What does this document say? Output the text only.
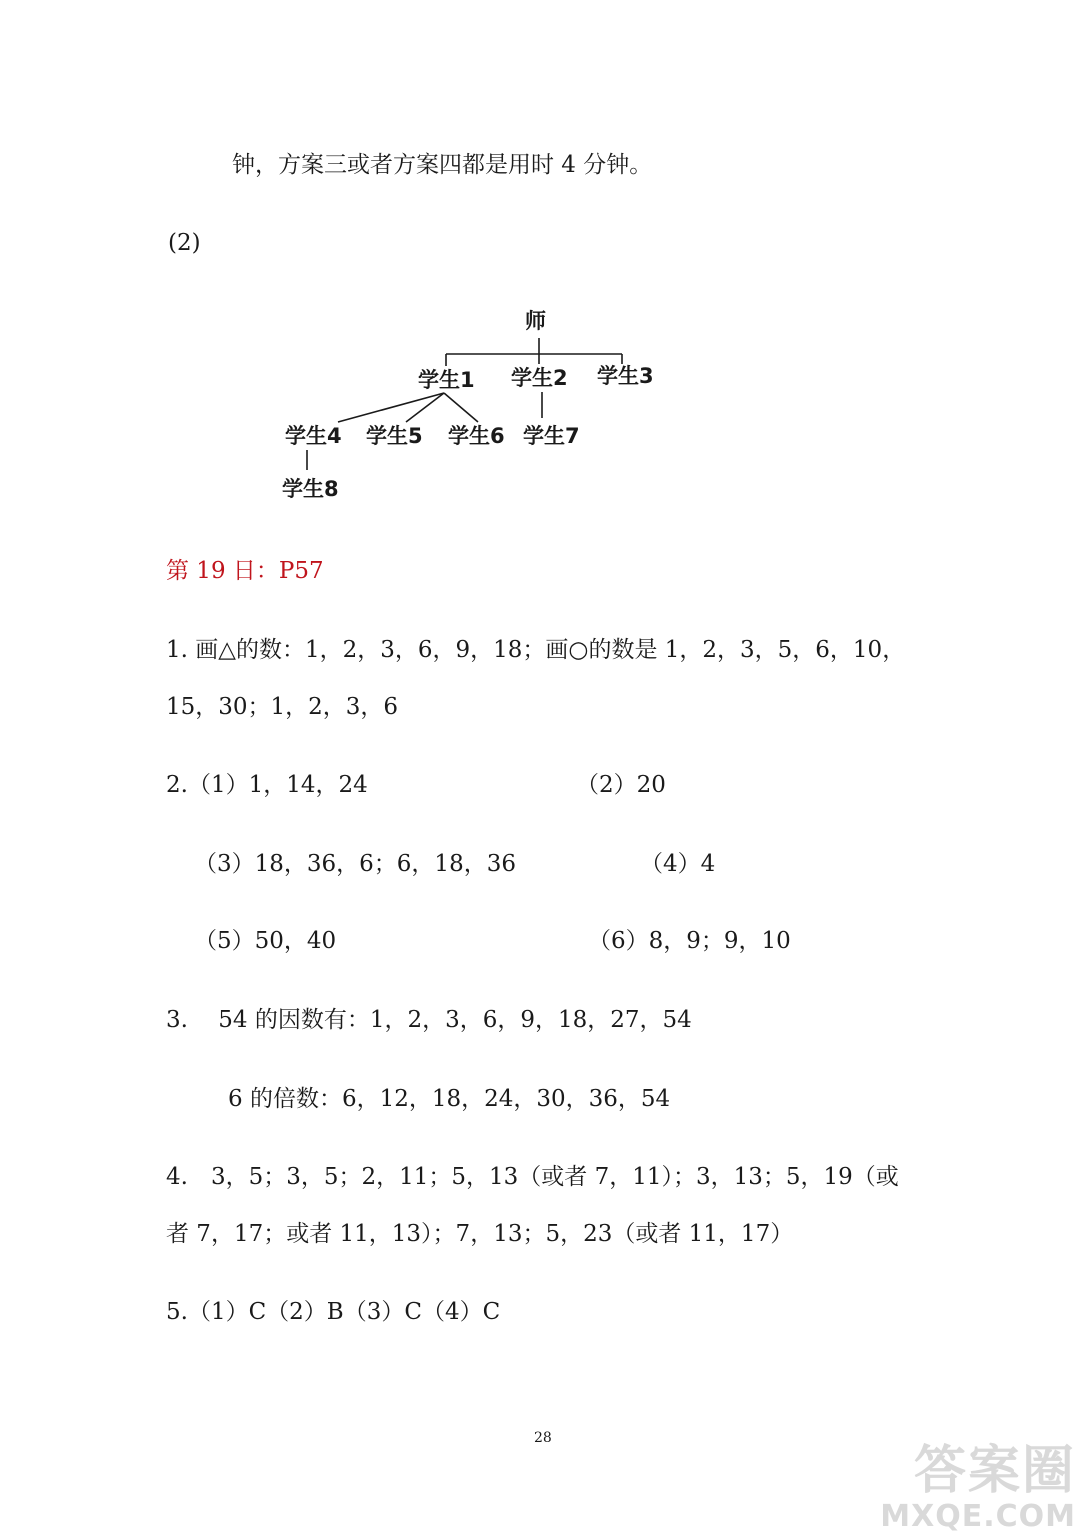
钟，方案三或者方案四都是用时 4 分钟。
(2)
师
学生1 学生2 学生3
学生4 学生5 学生6 学生7
学生8
第 19 日：P57
1. 画△的数：1，2，3，6，9，18；画○的数是 1，2，3，5，6，10，
15，30；1，2，3，6
2.（1）1，14，24	（2）20
（3）18，36，6；6，18，36	（4）4
（5）50，40	（6）8，9；9，10
3.　 54 的因数有：1，2，3，6，9，18，27，54
6 的倍数：6，12，18，24，30，36，54
4.　3，5；3，5；2，11；5，13（或者 7，11）；3，13；5，19（或
者 7，17；或者 11，13）；7，13；5，23（或者 11，17）
5.（1）C（2）B（3）C（4）C
28
答案圈
MXQE.COM
